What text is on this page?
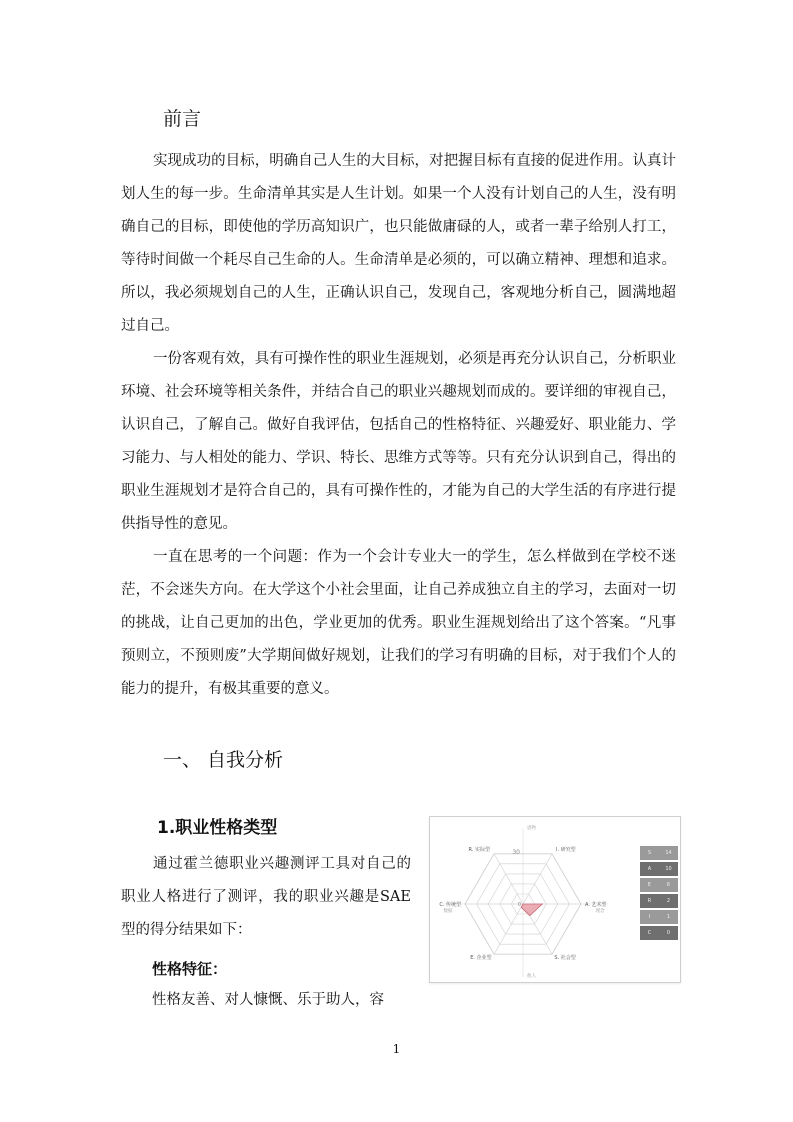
前言

实现成功的目标，明确自己人生的大目标，对把握目标有直接的促进作用。认真计划人生的每一步。生命清单其实是人生计划。如果一个人没有计划自己的人生，没有明确自己的目标，即使他的学历高知识广，也只能做庸碌的人，或者一辈子给别人打工，等待时间做一个耗尽自己生命的人。生命清单是必须的，可以确立精神、理想和追求。所以，我必须规划自己的人生，正确认识自己，发现自己，客观地分析自己，圆满地超过自己。

一份客观有效，具有可操作性的职业生涯规划，必须是再充分认识自己，分析职业环境、社会环境等相关条件，并结合自己的职业兴趣规划而成的。要详细的审视自己，认识自己，了解自己。做好自我评估，包括自己的性格特征、兴趣爱好、职业能力、学习能力、与人相处的能力、学识、特长、思维方式等等。只有充分认识到自己，得出的职业生涯规划才是符合自己的，具有可操作性的，才能为自己的大学生活的有序进行提供指导性的意见。

一直在思考的一个问题：作为一个会计专业大一的学生，怎么样做到在学校不迷茫，不会迷失方向。在大学这个小社会里面，让自己养成独立自主的学习，去面对一切的挑战，让自己更加的出色，学业更加的优秀。职业生涯规划给出了这个答案。“凡事预则立，不预则废”大学期间做好规划，让我们的学习有明确的目标，对于我们个人的能力的提升，有极其重要的意义。

一、 自我分析
1.职业性格类型

通过霍兰德职业兴趣测评工具对自己的职业人格进行了测评，我的职业兴趣是SAE 型的得分结果如下：

性格特征：
性格友善、对人慷慨、乐于助人，容
I. 研究型
A. 艺术型
S. 社会型
E. 企业型
C. 传统型
R. 实际型
思物
理念
他人
数据
30
0
S	14
A	10
E	6
R	2
I	1
C	0
1
